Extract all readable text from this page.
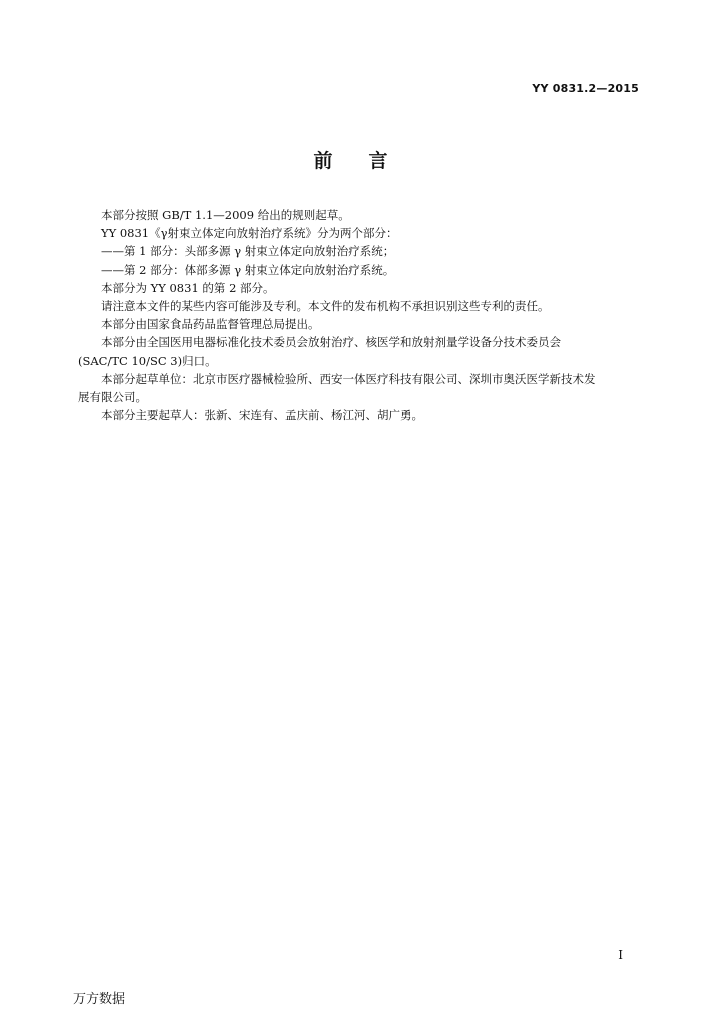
YY 0831.2—2015
前言

本部分按照 GB/T 1.1—2009 给出的规则起草。

YY 0831《γ射束立体定向放射治疗系统》分为两个部分：

——第 1 部分：头部多源 γ 射束立体定向放射治疗系统；

——第 2 部分：体部多源 γ 射束立体定向放射治疗系统。

本部分为 YY 0831 的第 2 部分。

请注意本文件的某些内容可能涉及专利。本文件的发布机构不承担识别这些专利的责任。

本部分由国家食品药品监督管理总局提出。

本部分由全国医用电器标准化技术委员会放射治疗、核医学和放射剂量学设备分技术委员会
(SAC/TC 10/SC 3)归口。

本部分起草单位：北京市医疗器械检验所、西安一体医疗科技有限公司、深圳市奥沃医学新技术发
展有限公司。

本部分主要起草人：张新、宋连有、孟庆前、杨江河、胡广勇。

I
万方数据
